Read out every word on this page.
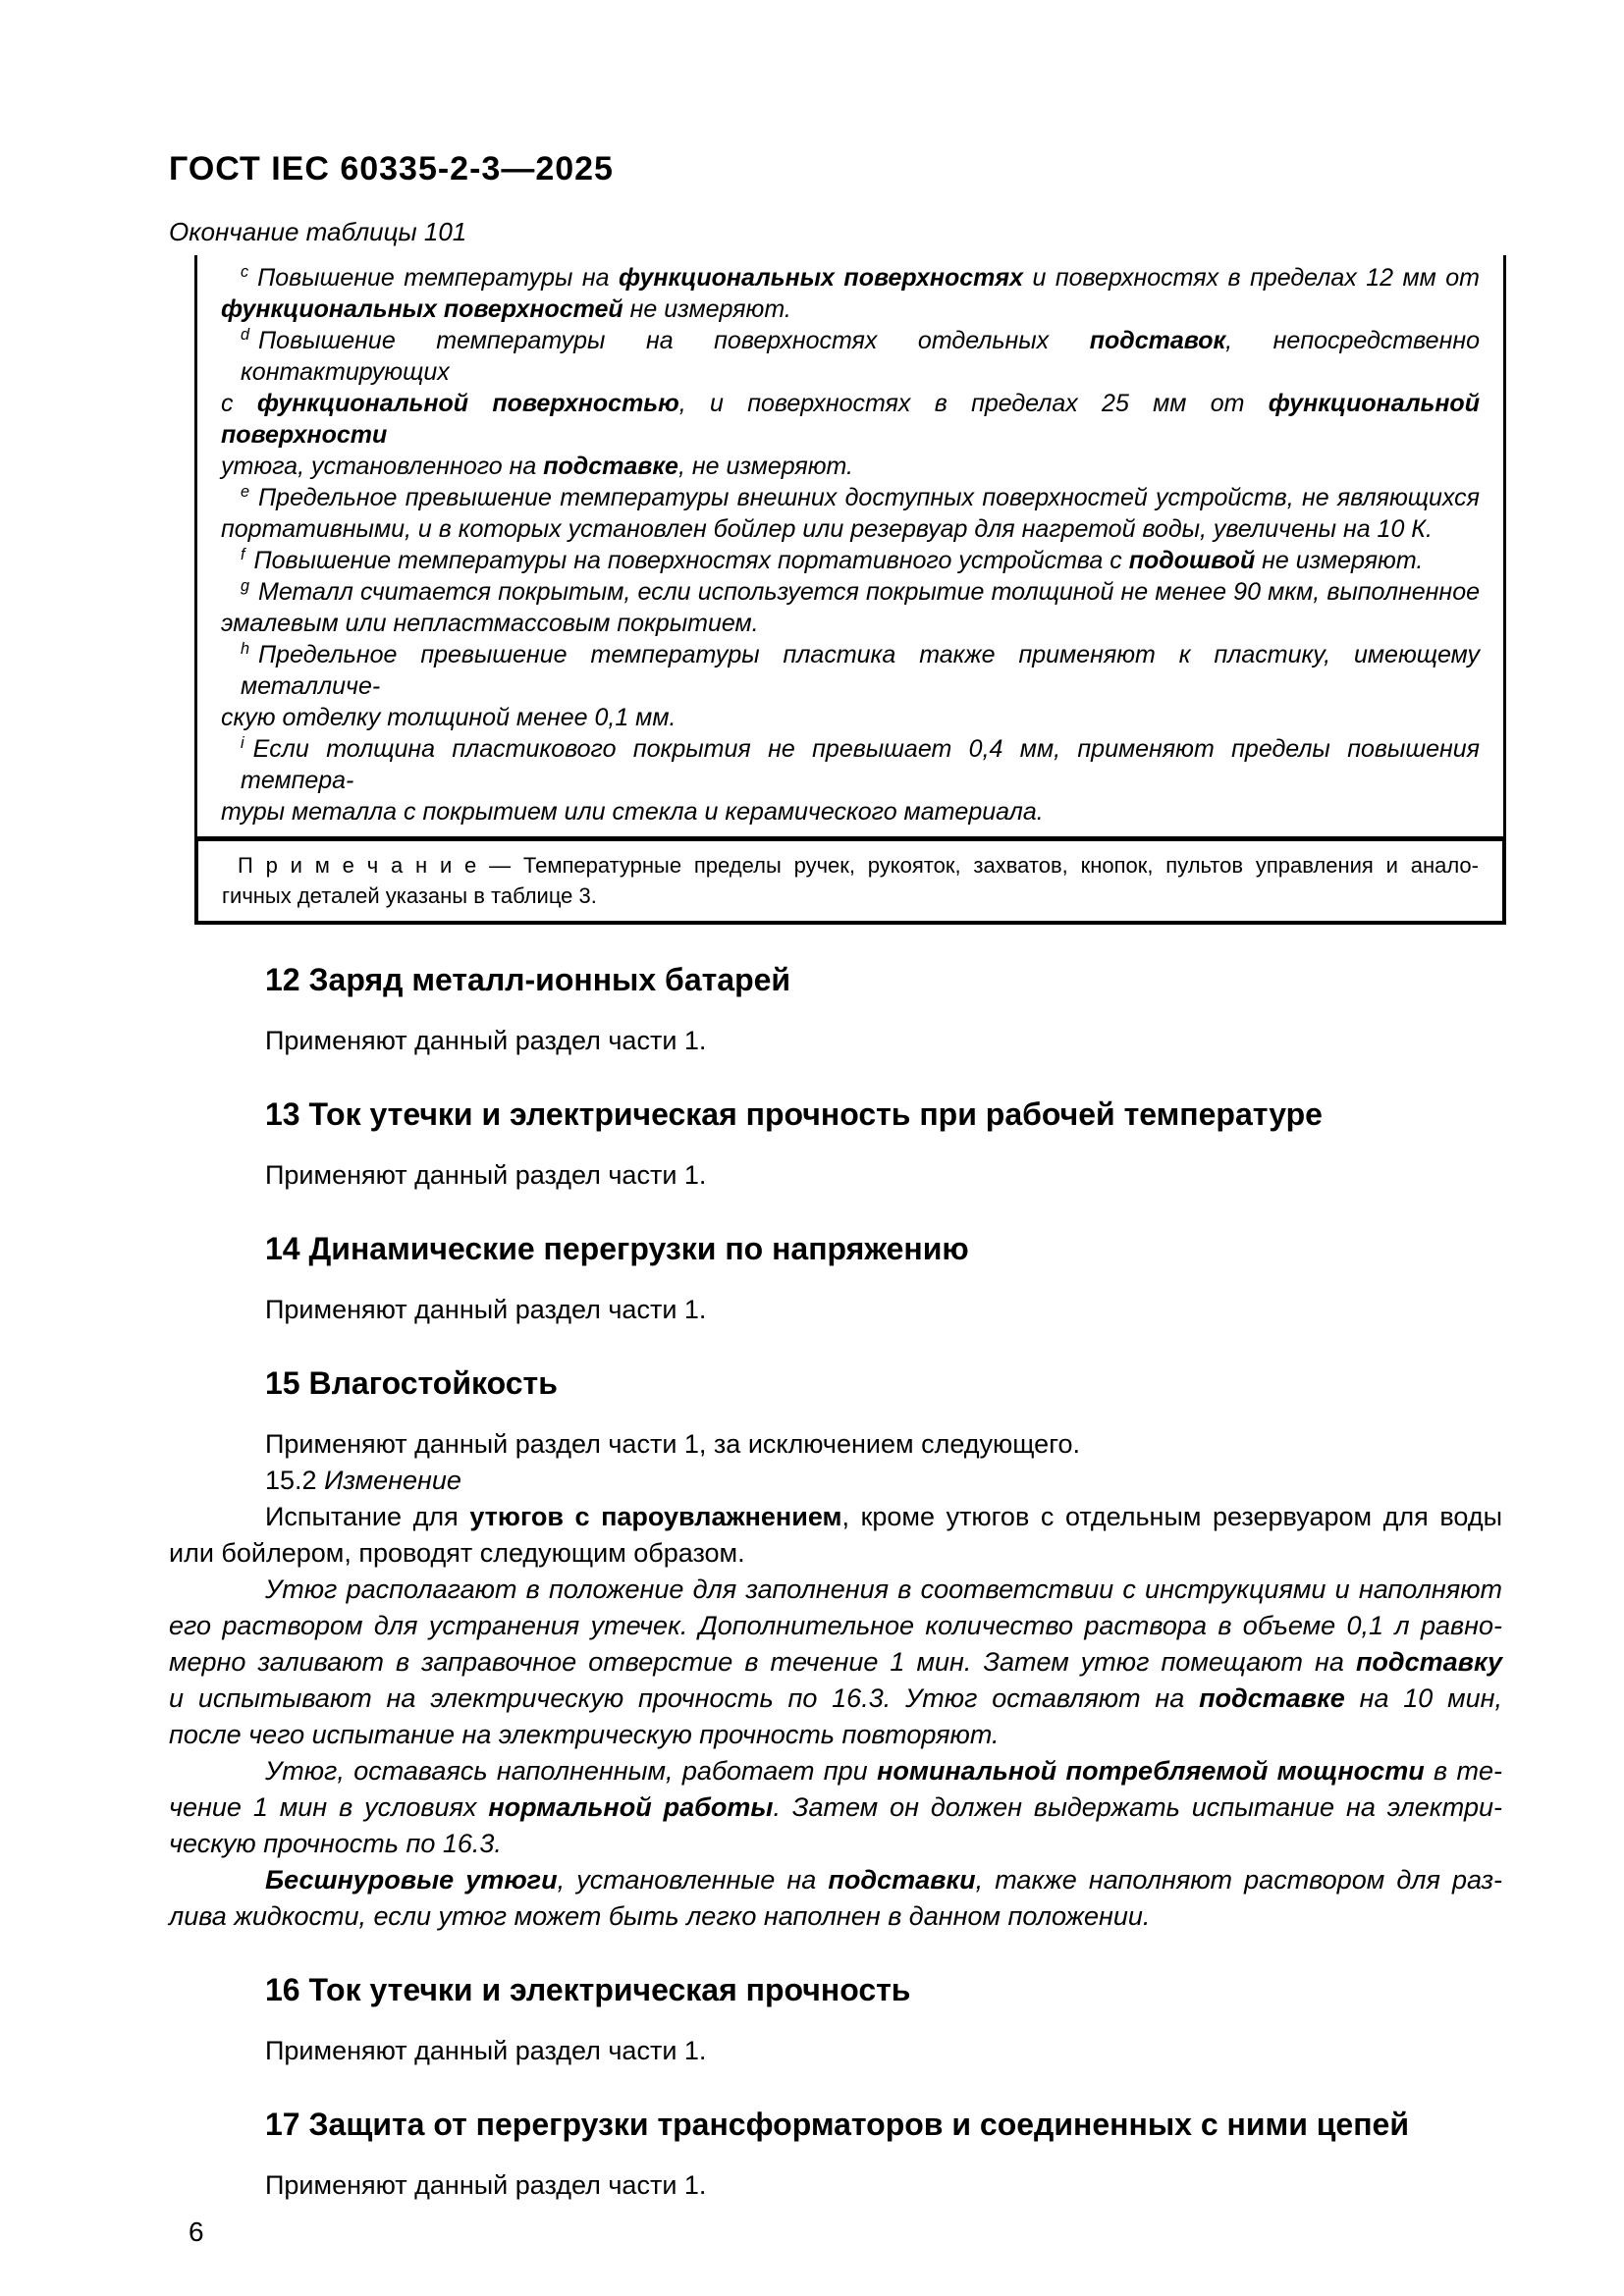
ГОСТ IEC 60335-2-3—2025
Окончание таблицы 101
$^c$ Повышение температуры на функциональных поверхностях и поверхностях в пределах 12 мм от
функциональных поверхностей не измеряют.
$^d$ Повышение температуры на поверхностях отдельных подставок, непосредственно контактирующих
с функциональной поверхностью, и поверхностях в пределах 25 мм от функциональной поверхности
утюга, установленного на подставке, не измеряют.
$^e$ Предельное превышение температуры внешних доступных поверхностей устройств, не являющихся
портативными, и в которых установлен бойлер или резервуар для нагретой воды, увеличены на 10 К.
$^f$ Повышение температуры на поверхностях портативного устройства с подошвой не измеряют.
$^g$ Металл считается покрытым, если используется покрытие толщиной не менее 90 мкм, выполненное
эмалевым или непластмассовым покрытием.
$^h$ Предельное превышение температуры пластика также применяют к пластику, имеющему металличе-
скую отделку толщиной менее 0,1 мм.
$^i$ Если толщина пластикового покрытия не превышает 0,4 мм, применяют пределы повышения темпера-
туры металла с покрытием или стекла и керамического материала.
П р и м е ч а н и е — Температурные пределы ручек, рукояток, захватов, кнопок, пультов управления и анало-
гичных деталей указаны в таблице 3.
12 Заряд металл-ионных батарей
Применяют данный раздел части 1.
13 Ток утечки и электрическая прочность при рабочей температуре
Применяют данный раздел части 1.
14 Динамические перегрузки по напряжению
Применяют данный раздел части 1.
15 Влагостойкость
Применяют данный раздел части 1, за исключением следующего.
15.2 Изменение
Испытание для утюгов с пароувлажнением, кроме утюгов с отдельным резервуаром для воды
или бойлером, проводят следующим образом.
Утюг располагают в положение для заполнения в соответствии с инструкциями и наполняют
его раствором для устранения утечек. Дополнительное количество раствора в объеме 0,1 л равно-
мерно заливают в заправочное отверстие в течение 1 мин. Затем утюг помещают на подставку
и испытывают на электрическую прочность по 16.3. Утюг оставляют на подставке на 10 мин,
после чего испытание на электрическую прочность повторяют.
Утюг, оставаясь наполненным, работает при номинальной потребляемой мощности в те-
чение 1 мин в условиях нормальной работы. Затем он должен выдержать испытание на электри-
ческую прочность по 16.3.
Бесшнуровые утюги, установленные на подставки, также наполняют раствором для раз-
лива жидкости, если утюг может быть легко наполнен в данном положении.
16 Ток утечки и электрическая прочность
Применяют данный раздел части 1.
17 Защита от перегрузки трансформаторов и соединенных с ними цепей
Применяют данный раздел части 1.
6
